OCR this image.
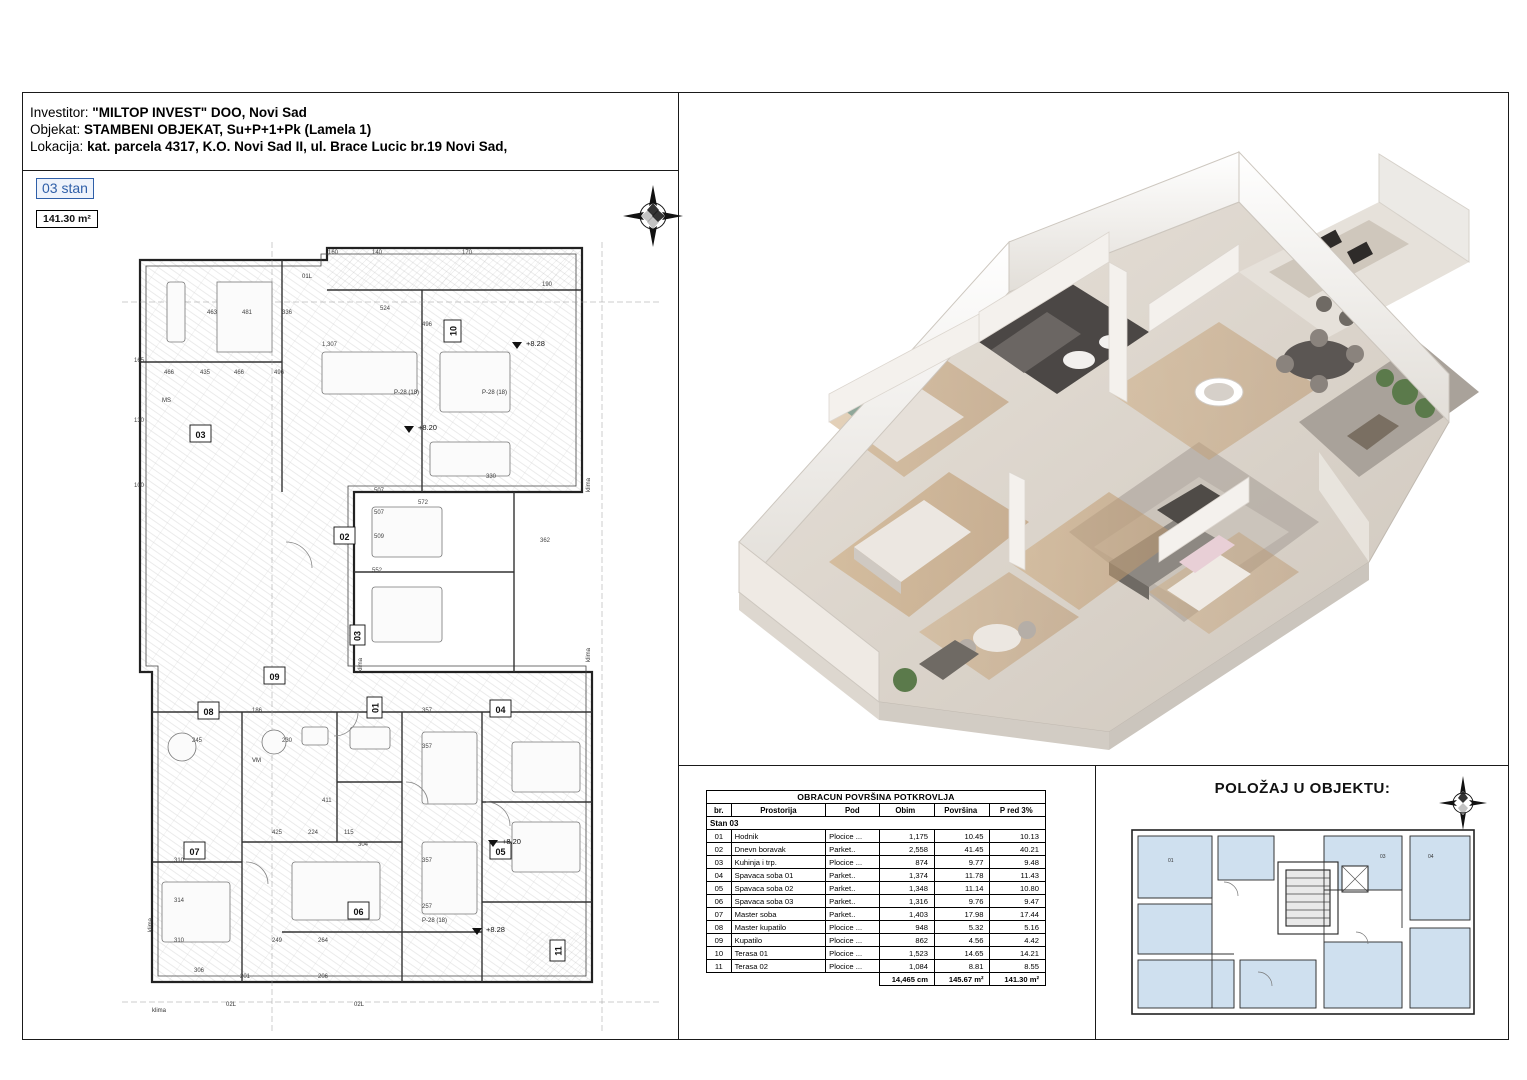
Investitor: "MILTOP INVEST" DOO, Novi Sad
Objekat: STAMBENI OBJEKAT, Su+P+1+Pk (Lamela 1)
Lokacija: kat. parcela 4317, K.O. Novi Sad II, ul. Brace Lucic br.19 Novi Sad,
03 stan
141.30 m²
10
03
02
03
09
08	01	04
07	05
06
11
+8.28
+8.20
+8.20
+8.28
MS
VM
klima
klima
klima
klima
klima
02L	02L
01L
P-28 (18)	P-28 (18)
P-28 (18)
463	481	336
524
496
466	435	466	496
507
507
509
572
552
357
357
357
257
310
314
310	249	264
245
186
230
411
304
306
425	224	115
206
201
165
130
100
160	140	170
190
330
362
1,307
OBRACUN POVRŠINA POTKROVLJA					
br.	Prostorija	Pod	Obim	Površina	P red 3%
Stan 03					
01	Hodnik	Plocice ...	1,175	10.45	10.13
02	Dnevn boravak	Parket..	2,558	41.45	40.21
03	Kuhinja i trp.	Plocice ...	874	9.77	9.48
04	Spavaca soba 01	Parket..	1,374	11.78	11.43
05	Spavaca soba 02	Parket..	1,348	11.14	10.80
06	Spavaca soba 03	Parket..	1,316	9.76	9.47
07	Master soba	Parket..	1,403	17.98	17.44
08	Master kupatilo	Plocice ...	948	5.32	5.16
09	Kupatilo	Plocice ...	862	4.56	4.42
10	Terasa 01	Plocice ...	1,523	14.65	14.21
11	Terasa 02	Plocice ...	1,084	8.81	8.55
			14,465 cm	145.67 m²	141.30 m²
POLOŽAJ U OBJEKTU:
03	04
01
